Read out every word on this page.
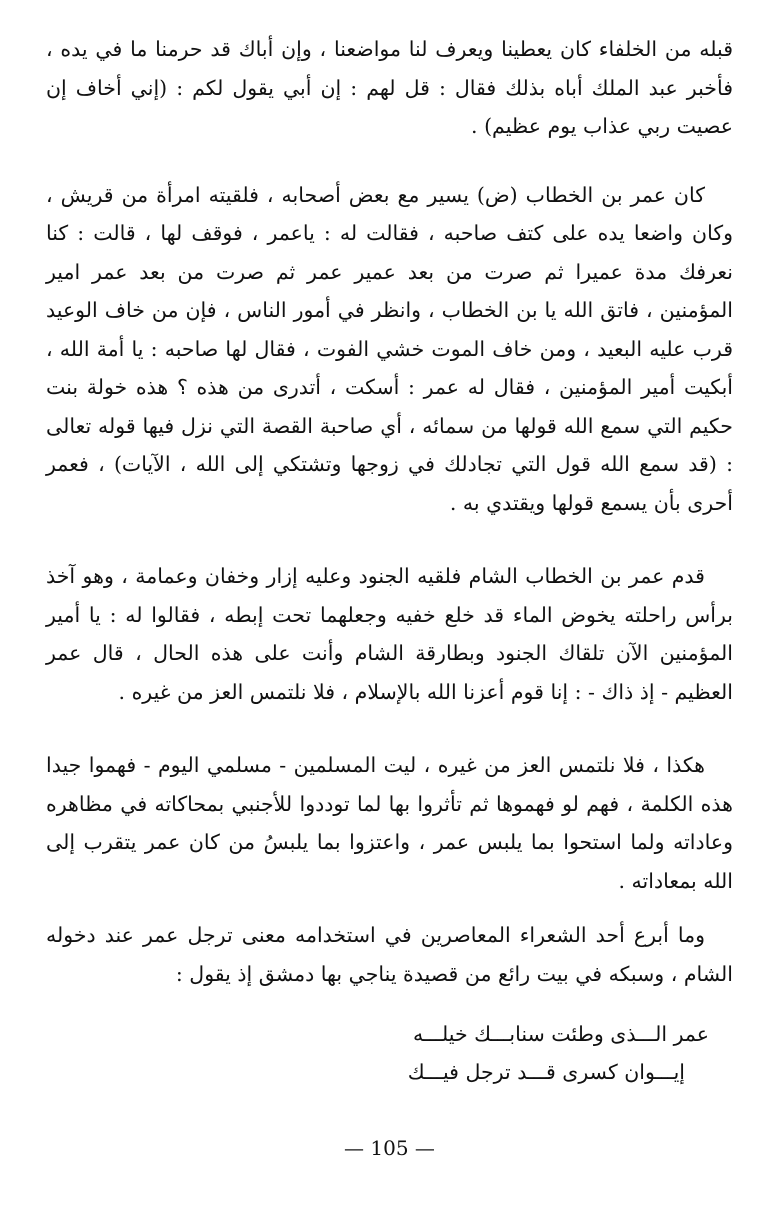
قبله من الخلفاء كان يعطينا ويعرف لنا مواضعنا ، وإن أباك قد حرمنا ما في يده ، فأخبر عبد الملك أباه بذلك فقال : قل لهم : إن أبي يقول لكم : (إني أخاف إن عصيت ربي عذاب يوم عظيم) .

كان عمر بن الخطاب (ض) يسير مع بعض أصحابه ، فلقيته امرأة من قريش ، وكان واضعا يده على كتف صاحبه ، فقالت له : ياعمر ، فوقف لها ، قالت : كنا نعرفك مدة عميرا ثم صرت من بعد عمير عمر ثم صرت من بعد عمر امير المؤمنين ، فاتق الله يا بن الخطاب ، وانظر في أمور الناس ، فإن من خاف الوعيد قرب عليه البعيد ، ومن خاف الموت خشي الفوت ، فقال لها صاحبه : يا أمة الله ، أبكيت أمير المؤمنين ، فقال له عمر : أسكت ، أتدرى من هذه ؟ هذه خولة بنت حكيم التي سمع الله قولها من سمائه ، أي صاحبة القصة التي نزل فيها قوله تعالى : (قد سمع الله قول التي تجادلك في زوجها وتشتكي إلى الله ، الآيات) ، فعمر أحرى بأن يسمع قولها ويقتدي به .

قدم عمر بن الخطاب الشام فلقيه الجنود وعليه إزار وخفان وعمامة ، وهو آخذ برأس راحلته يخوض الماء قد خلع خفيه وجعلهما تحت إبطه ، فقالوا له : يا أمير المؤمنين الآن تلقاك الجنود وبطارقة الشام وأنت على هذه الحال ، قال عمر العظيم - إذ ذاك - : إنا قوم أعزنا الله بالإسلام ، فلا نلتمس العز من غيره .

هكذا ، فلا نلتمس العز من غيره ، ليت المسلمين - مسلمي اليوم - فهموا جيدا هذه الكلمة ، فهم لو فهموها ثم تأثروا بها لما توددوا للأجنبي بمحاكاته في مظاهره وعاداته ولما استحوا بما يلبس عمر ، واعتزوا بما يلبسُ من كان عمر يتقرب إلى الله بمعاداته .

وما أبرع أحد الشعراء المعاصرين في استخدامه معنى ترجل عمر عند دخوله الشام ، وسبكه في بيت رائع من قصيدة يناجي بها دمشق إذ يقول :

عمر الـــذى وطئت سنابـــك خيلـــه

إيـــوان كسرى قـــد ترجل فيـــك

— 105 —
